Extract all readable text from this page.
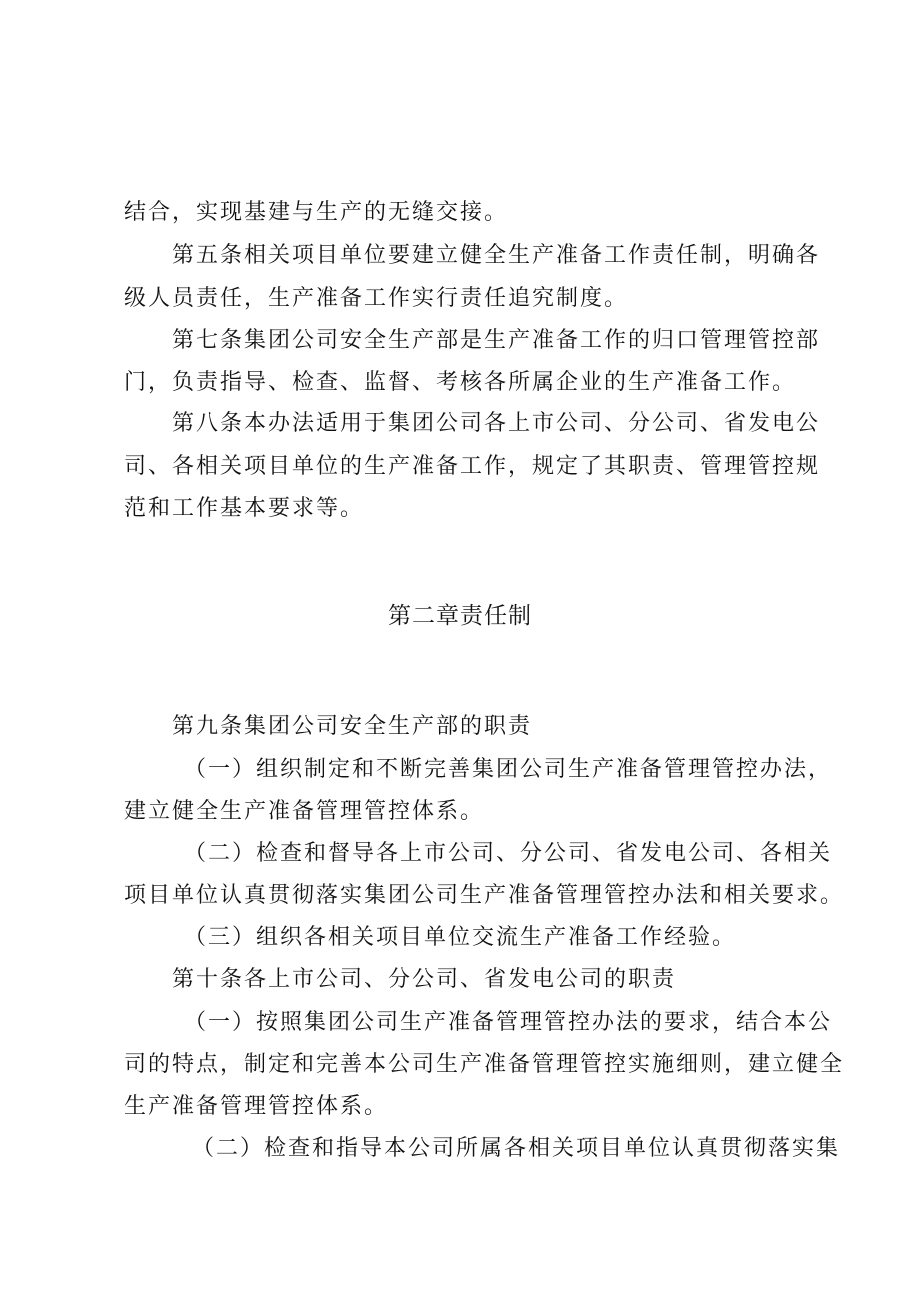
结合，实现基建与生产的无缝交接。

第五条相关项目单位要建立健全生产准备工作责任制，明确各

级人员责任，生产准备工作实行责任追究制度。

第七条集团公司安全生产部是生产准备工作的归口管理管控部

门，负责指导、检查、监督、考核各所属企业的生产准备工作。

第八条本办法适用于集团公司各上市公司、分公司、省发电公

司、各相关项目单位的生产准备工作，规定了其职责、管理管控规

范和工作基本要求等。

第二章责任制

第九条集团公司安全生产部的职责

（一）组织制定和不断完善集团公司生产准备管理管控办法，

建立健全生产准备管理管控体系。

（二）检查和督导各上市公司、分公司、省发电公司、各相关

项目单位认真贯彻落实集团公司生产准备管理管控办法和相关要求。

（三）组织各相关项目单位交流生产准备工作经验。

第十条各上市公司、分公司、省发电公司的职责

（一）按照集团公司生产准备管理管控办法的要求，结合本公

司的特点，制定和完善本公司生产准备管理管控实施细则，建立健全

生产准备管理管控体系。

（二）检查和指导本公司所属各相关项目单位认真贯彻落实集
